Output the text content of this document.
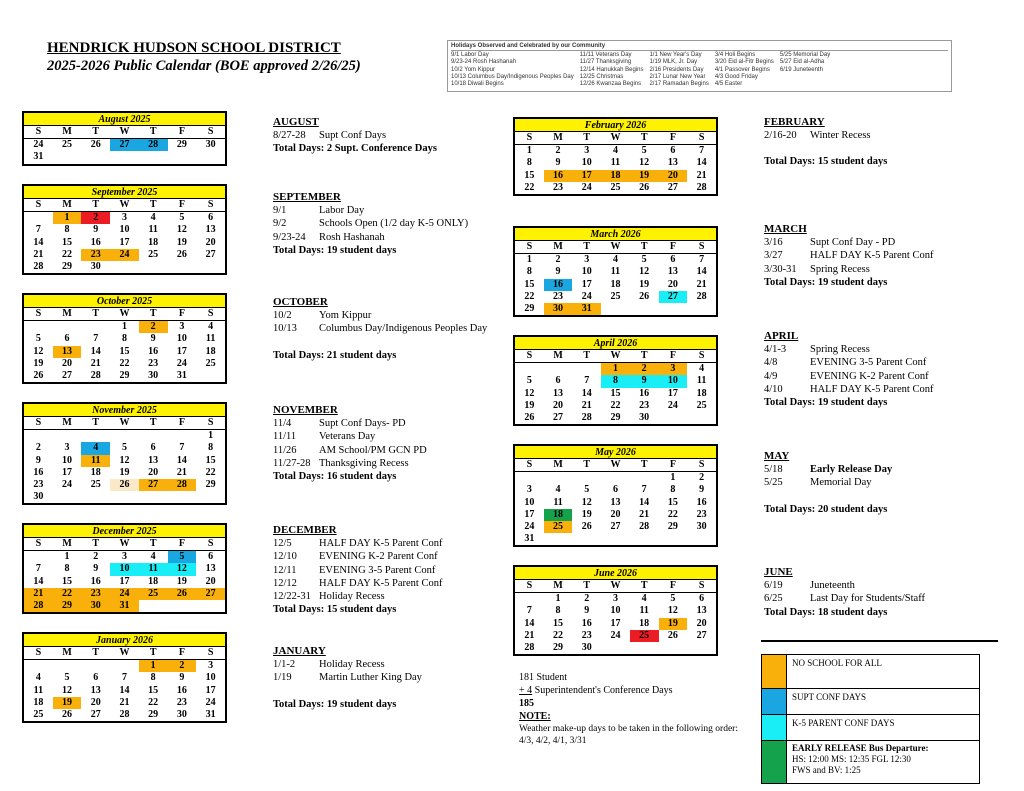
HENDRICK HUDSON SCHOOL DISTRICT
2025-2026 Public Calendar (BOE approved 2/26/25)
Holidays Observed and Celebrated by our Community
9/1 Labor Day
9/23-24 Rosh Hashanah
10/2 Yom Kippur
10/13 Columbus Day/Indigenous Peoples Day
10/18 Diwali Begins
11/11 Veterans Day
11/27 Thanksgiving
12/14 Hanukkah Begins
12/25 Christmas
12/26 Kwanzaa Begins
1/1 New Year's Day
1/19 MLK, Jr. Day
2/16 Presidents Day
2/17 Lunar New Year
2/17 Ramadan Begins
3/4 Holi Begins
3/20 Eid al-Fitr Begins
4/1 Passover Begins
4/3 Good Friday
4/5 Easter
5/25 Memorial Day
5/27 Eid al-Adha
6/19 Juneteenth
August 2025
S	M	T	W	T	F	S
24	25	26	27	28	29	30
31						
September 2025
S	M	T	W	T	F	S
	1	2	3	4	5	6
7	8	9	10	11	12	13
14	15	16	17	18	19	20
21	22	23	24	25	26	27
28	29	30				
October 2025
S	M	T	W	T	F	S
			1	2	3	4
5	6	7	8	9	10	11
12	13	14	15	16	17	18
19	20	21	22	23	24	25
26	27	28	29	30	31	
November 2025
S	M	T	W	T	F	S
						1
2	3	4	5	6	7	8
9	10	11	12	13	14	15
16	17	18	19	20	21	22
23	24	25	26	27	28	29
30						
December 2025
S	M	T	W	T	F	S
	1	2	3	4	5	6
7	8	9	10	11	12	13
14	15	16	17	18	19	20
21	22	23	24	25	26	27
28	29	30	31			
January 2026
S	M	T	W	T	F	S
				1	2	3
4	5	6	7	8	9	10
11	12	13	14	15	16	17
18	19	20	21	22	23	24
25	26	27	28	29	30	31
February 2026
S	M	T	W	T	F	S
1	2	3	4	5	6	7
8	9	10	11	12	13	14
15	16	17	18	19	20	21
22	23	24	25	26	27	28
March 2026
S	M	T	W	T	F	S
1	2	3	4	5	6	7
8	9	10	11	12	13	14
15	16	17	18	19	20	21
22	23	24	25	26	27	28
29	30	31				
April 2026
S	M	T	W	T	F	S
			1	2	3	4
5	6	7	8	9	10	11
12	13	14	15	16	17	18
19	20	21	22	23	24	25
26	27	28	29	30		
May 2026
S	M	T	W	T	F	S
					1	2
3	4	5	6	7	8	9
10	11	12	13	14	15	16
17	18	19	20	21	22	23
24	25	26	27	28	29	30
31						
June 2026
S	M	T	W	T	F	S
	1	2	3	4	5	6
7	8	9	10	11	12	13
14	15	16	17	18	19	20
21	22	23	24	25	26	27
28	29	30				
AUGUST
8/27-28	Supt Conf Days
Total Days: 2 Supt. Conference Days
SEPTEMBER
9/1	Labor Day
9/2	Schools Open (1/2 day K-5 ONLY)
9/23-24	Rosh Hashanah
Total Days: 19 student days
OCTOBER
10/2	Yom Kippur
10/13	Columbus Day/Indigenous Peoples Day
Total Days: 21 student days
NOVEMBER
11/4	Supt Conf Days- PD
11/11	Veterans Day
11/26	AM School/PM GCN PD
11/27-28 Thanksgiving Recess
Total Days: 16 student days
DECEMBER
12/5	HALF DAY K-5 Parent Conf
12/10	EVENING K-2 Parent Conf
12/11	EVENING 3-5 Parent Conf
12/12	HALF DAY K-5 Parent Conf
12/22-31 Holiday Recess
Total Days: 15 student days
JANUARY
1/1-2	Holiday Recess
1/19	Martin Luther King Day
Total Days: 19 student days
FEBRUARY
2/16-20	Winter Recess
Total Days: 15 student days
MARCH
3/16	Supt Conf Day - PD
3/27	HALF DAY K-5 Parent Conf
3/30-31	Spring Recess
Total Days: 19 student days
APRIL
4/1-3	Spring Recess
4/8	EVENING 3-5 Parent Conf
4/9	EVENING K-2 Parent Conf
4/10	HALF DAY K-5 Parent Conf
Total Days: 19 student days
MAY
5/18	Early Release Day
5/25	Memorial Day
Total Days: 20 student days
JUNE
6/19	Juneteenth
6/25	Last Day for Students/Staff
Total Days: 18 student days
181 Student
+ 4 Superintendent's Conference Days
185
NOTE:
Weather make-up days to be taken in the following order: 4/3, 4/2, 4/1, 3/31
NO SCHOOL FOR ALL
SUPT CONF DAYS
K-5 PARENT CONF DAYS
EARLY RELEASE Bus Departure:
HS: 12:00 MS: 12:35 FGL 12:30
FWS and BV: 1:25
